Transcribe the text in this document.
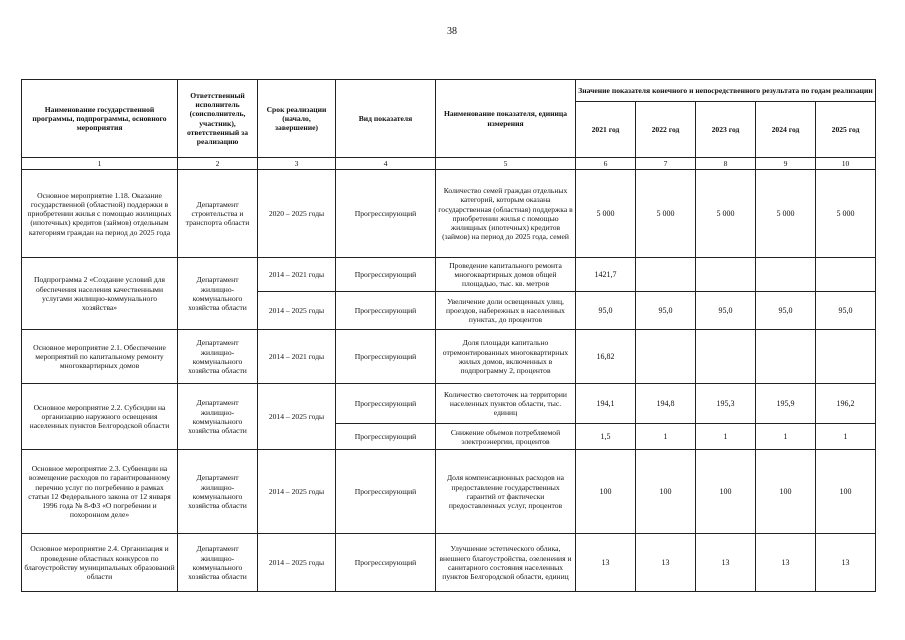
38
Наименование государственной программы, подпрограммы, основного мероприятия	Ответственный исполнитель (соисполнитель, участник), ответственный за реализацию	Срок реализации (начало, завершение)	Вид показателя	Наименование показателя, единица измерения	Значение показателя конечного и непосредственного результата по годам реализации				
					2021 год	2022 год	2023 год	2024 год	2025 год
1	2	3	4	5	6	7	8	9	10
Основное мероприятие 1.18. Оказание государственной (областной) поддержки в приобретении жилья с помощью жилищных (ипотечных) кредитов (займов) отдельным категориям граждан на период до 2025 года	Департамент строительства и транспорта области	2020 – 2025 годы	Прогрессирующий	Количество семей граждан отдельных категорий, которым оказана государственная (областная) поддержка в приобретении жилья с помощью жилищных (ипотечных) кредитов (займов) на период до 2025 года, семей	5 000	5 000	5 000	5 000	5 000
Подпрограмма 2 «Создание условий для обеспечения населения качественными услугами жилищно-коммунального хозяйства»	Департамент жилищно-коммунального хозяйства области	2014 – 2021 годы	Прогрессирующий	Проведение капитального ремонта многоквартирных домов общей площадью, тыс. кв. метров	1421,7				
		2014 – 2025 годы	Прогрессирующий	Увеличение доли освещенных улиц, проездов, набережных в населенных пунктах, до процентов	95,0	95,0	95,0	95,0	95,0
Основное мероприятие 2.1. Обеспечение мероприятий по капитальному ремонту многоквартирных домов	Департамент жилищно-коммунального хозяйства области	2014 – 2021 годы	Прогрессирующий	Доля площади капитально отремонтированных многоквартирных жилых домов, включенных в подпрограмму 2, процентов	16,82				
Основное мероприятие 2.2. Субсидии на организацию наружного освещения населенных пунктов Белгородской области	Департамент жилищно-коммунального хозяйства области	2014 – 2025 годы	Прогрессирующий	Количество светоточек на территории населенных пунктов области, тыс. единиц	194,1	194,8	195,3	195,9	196,2
			Прогрессирующий	Снижение объемов потребляемой электроэнергии, процентов	1,5	1	1	1	1
Основное мероприятие 2.3. Субвенции на возмещение расходов по гарантированному перечню услуг по погребению в рамках статьи 12 Федерального закона от 12 января 1996 года № 8-ФЗ «О погребении и похоронном деле»	Департамент жилищно-коммунального хозяйства области	2014 – 2025 годы	Прогрессирующий	Доля компенсационных расходов на предоставление государственных гарантий от фактически предоставленных услуг, процентов	100	100	100	100	100
Основное мероприятие 2.4. Организация и проведение областных конкурсов по благоустройству муниципальных образований области	Департамент жилищно-коммунального хозяйства области	2014 – 2025 годы	Прогрессирующий	Улучшение эстетического облика, внешнего благоустройства, озеленения и санитарного состояния населенных пунктов Белгородской области, единиц	13	13	13	13	13
